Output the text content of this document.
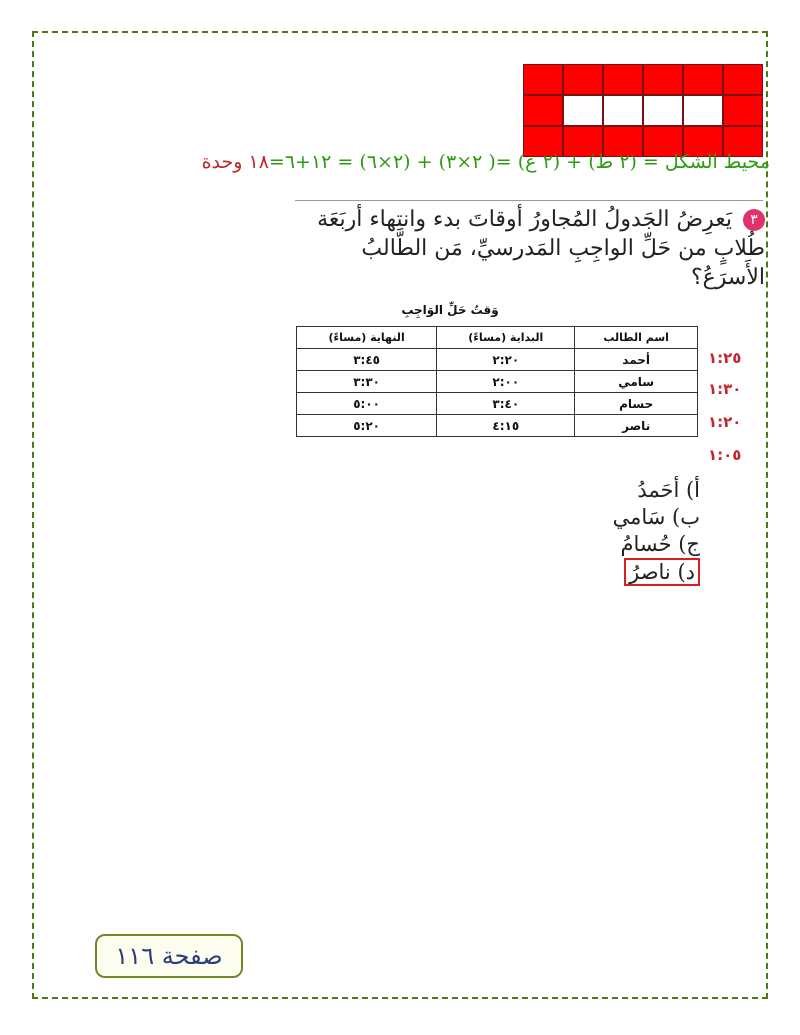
محيط الشكل = (٢ ط) + (٢ ع) =( ٢×٣) + (٢×٦) = ١٢+٦=١٨ وحدة
٣ يَعرِضُ الجَدولُ المُجاورُ أوقاتَ بدء وانتهاء أربَعَة طُلابٍ من حَلِّ الواجِبِ المَدرسيِّ، مَن الطَّالبُ الأَسرَعُ؟
وَقتُ حَلِّ الوَاجِبِ
اسم الطالب	البداية (مساءً)	النهاية (مساءً)
أحمد	٢:٢٠	٣:٤٥
سامي	٢:٠٠	٣:٣٠
حسام	٣:٤٠	٥:٠٠
ناصر	٤:١٥	٥:٢٠
١:٢٥
١:٣٠
١:٢٠
١:٠٥
أ) أحَمدُ
ب) سَامي
ج) حُسامُ
د) ناصرُ
صفحة ١١٦
